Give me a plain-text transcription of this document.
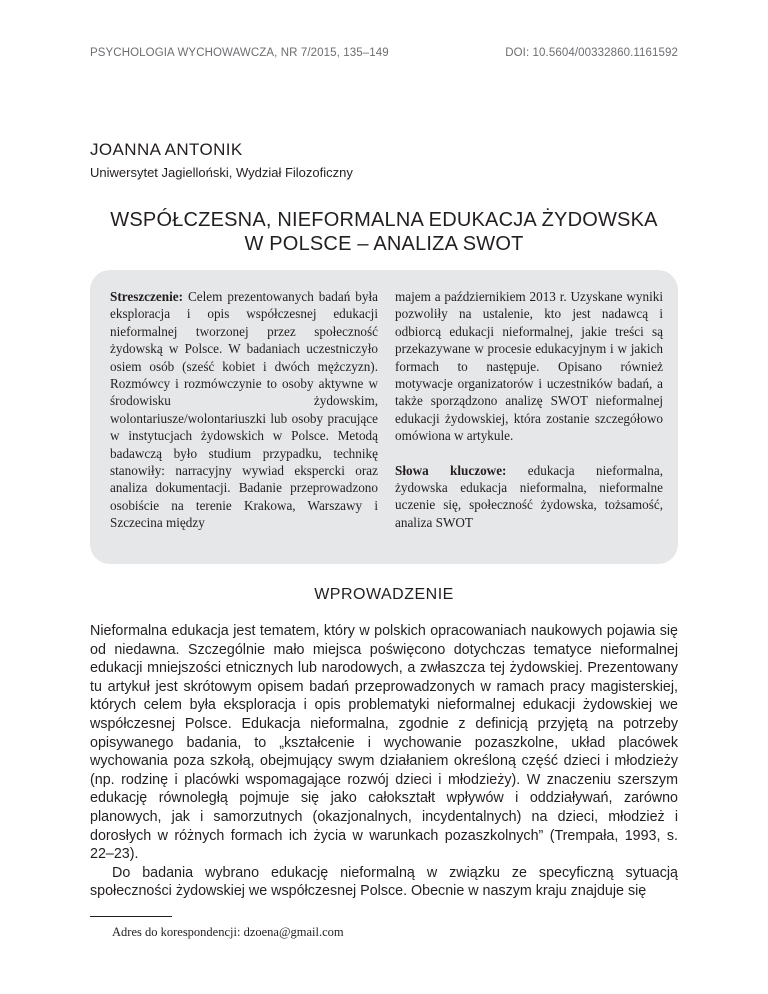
PSYCHOLOGIA WYCHOWAWCZA, NR 7/2015, 135–149	DOI: 10.5604/00332860.1161592
JOANNA ANTONIK
Uniwersytet Jagielloński, Wydział Filozoficzny
WSPÓŁCZESNA, NIEFORMALNA EDUKACJA ŻYDOWSKA
W POLSCE – ANALIZA SWOT
Streszczenie: Celem prezentowanych badań była eksploracja i opis współczesnej edukacji nieformalnej tworzonej przez społeczność żydowską w Polsce. W badaniach uczestniczyło osiem osób (sześć kobiet i dwóch mężczyzn). Rozmówcy i rozmówczynie to osoby aktywne w środowisku żydowskim, wolontariusze/wolontariuszki lub osoby pracujące w instytucjach żydowskich w Polsce. Metodą badawczą było studium przypadku, technikę stanowiły: narracyjny wywiad ekspercki oraz analiza dokumentacji. Badanie przeprowadzono osobiście na terenie Krakowa, Warszawy i Szczecina między
majem a październikiem 2013 r. Uzyskane wyniki pozwoliły na ustalenie, kto jest nadawcą i odbiorcą edukacji nieformalnej, jakie treści są przekazywane w procesie edukacyjnym i w jakich formach to następuje. Opisano również motywacje organizatorów i uczestników badań, a także sporządzono analizę SWOT nieformalnej edukacji żydowskiej, która zostanie szczegółowo omówiona w artykule.
Słowa kluczowe: edukacja nieformalna, żydowska edukacja nieformalna, nieformalne uczenie się, społeczność żydowska, tożsamość, analiza SWOT
WPROWADZENIE

Nieformalna edukacja jest tematem, który w polskich opracowaniach naukowych pojawia się od niedawna. Szczególnie mało miejsca poświęcono dotychczas tematyce nieformalnej edukacji mniejszości etnicznych lub narodowych, a zwłaszcza tej żydowskiej. Prezentowany tu artykuł jest skrótowym opisem badań przeprowadzonych w ramach pracy magisterskiej, których celem była eksploracja i opis problematyki nieformalnej edukacji żydowskiej we współczesnej Polsce. Edukacja nieformalna, zgodnie z definicją przyjętą na potrzeby opisywanego badania, to „kształcenie i wychowanie pozaszkolne, układ placówek wychowania poza szkołą, obejmujący swym działaniem określoną część dzieci i młodzieży (np. rodzinę i placówki wspomagające rozwój dzieci i młodzieży). W znaczeniu szerszym edukację równoległą pojmuje się jako całokształt wpływów i oddziaływań, zarówno planowych, jak i samorzutnych (okazjonalnych, incydentalnych) na dzieci, młodzież i dorosłych w różnych formach ich życia w warunkach pozaszkolnych” (Trempała, 1993, s. 22–23).

Do badania wybrano edukację nieformalną w związku ze specyficzną sytuacją społeczności żydowskiej we współczesnej Polsce. Obecnie w naszym kraju znajduje się

Adres do korespondencji: dzoena@gmail.com
